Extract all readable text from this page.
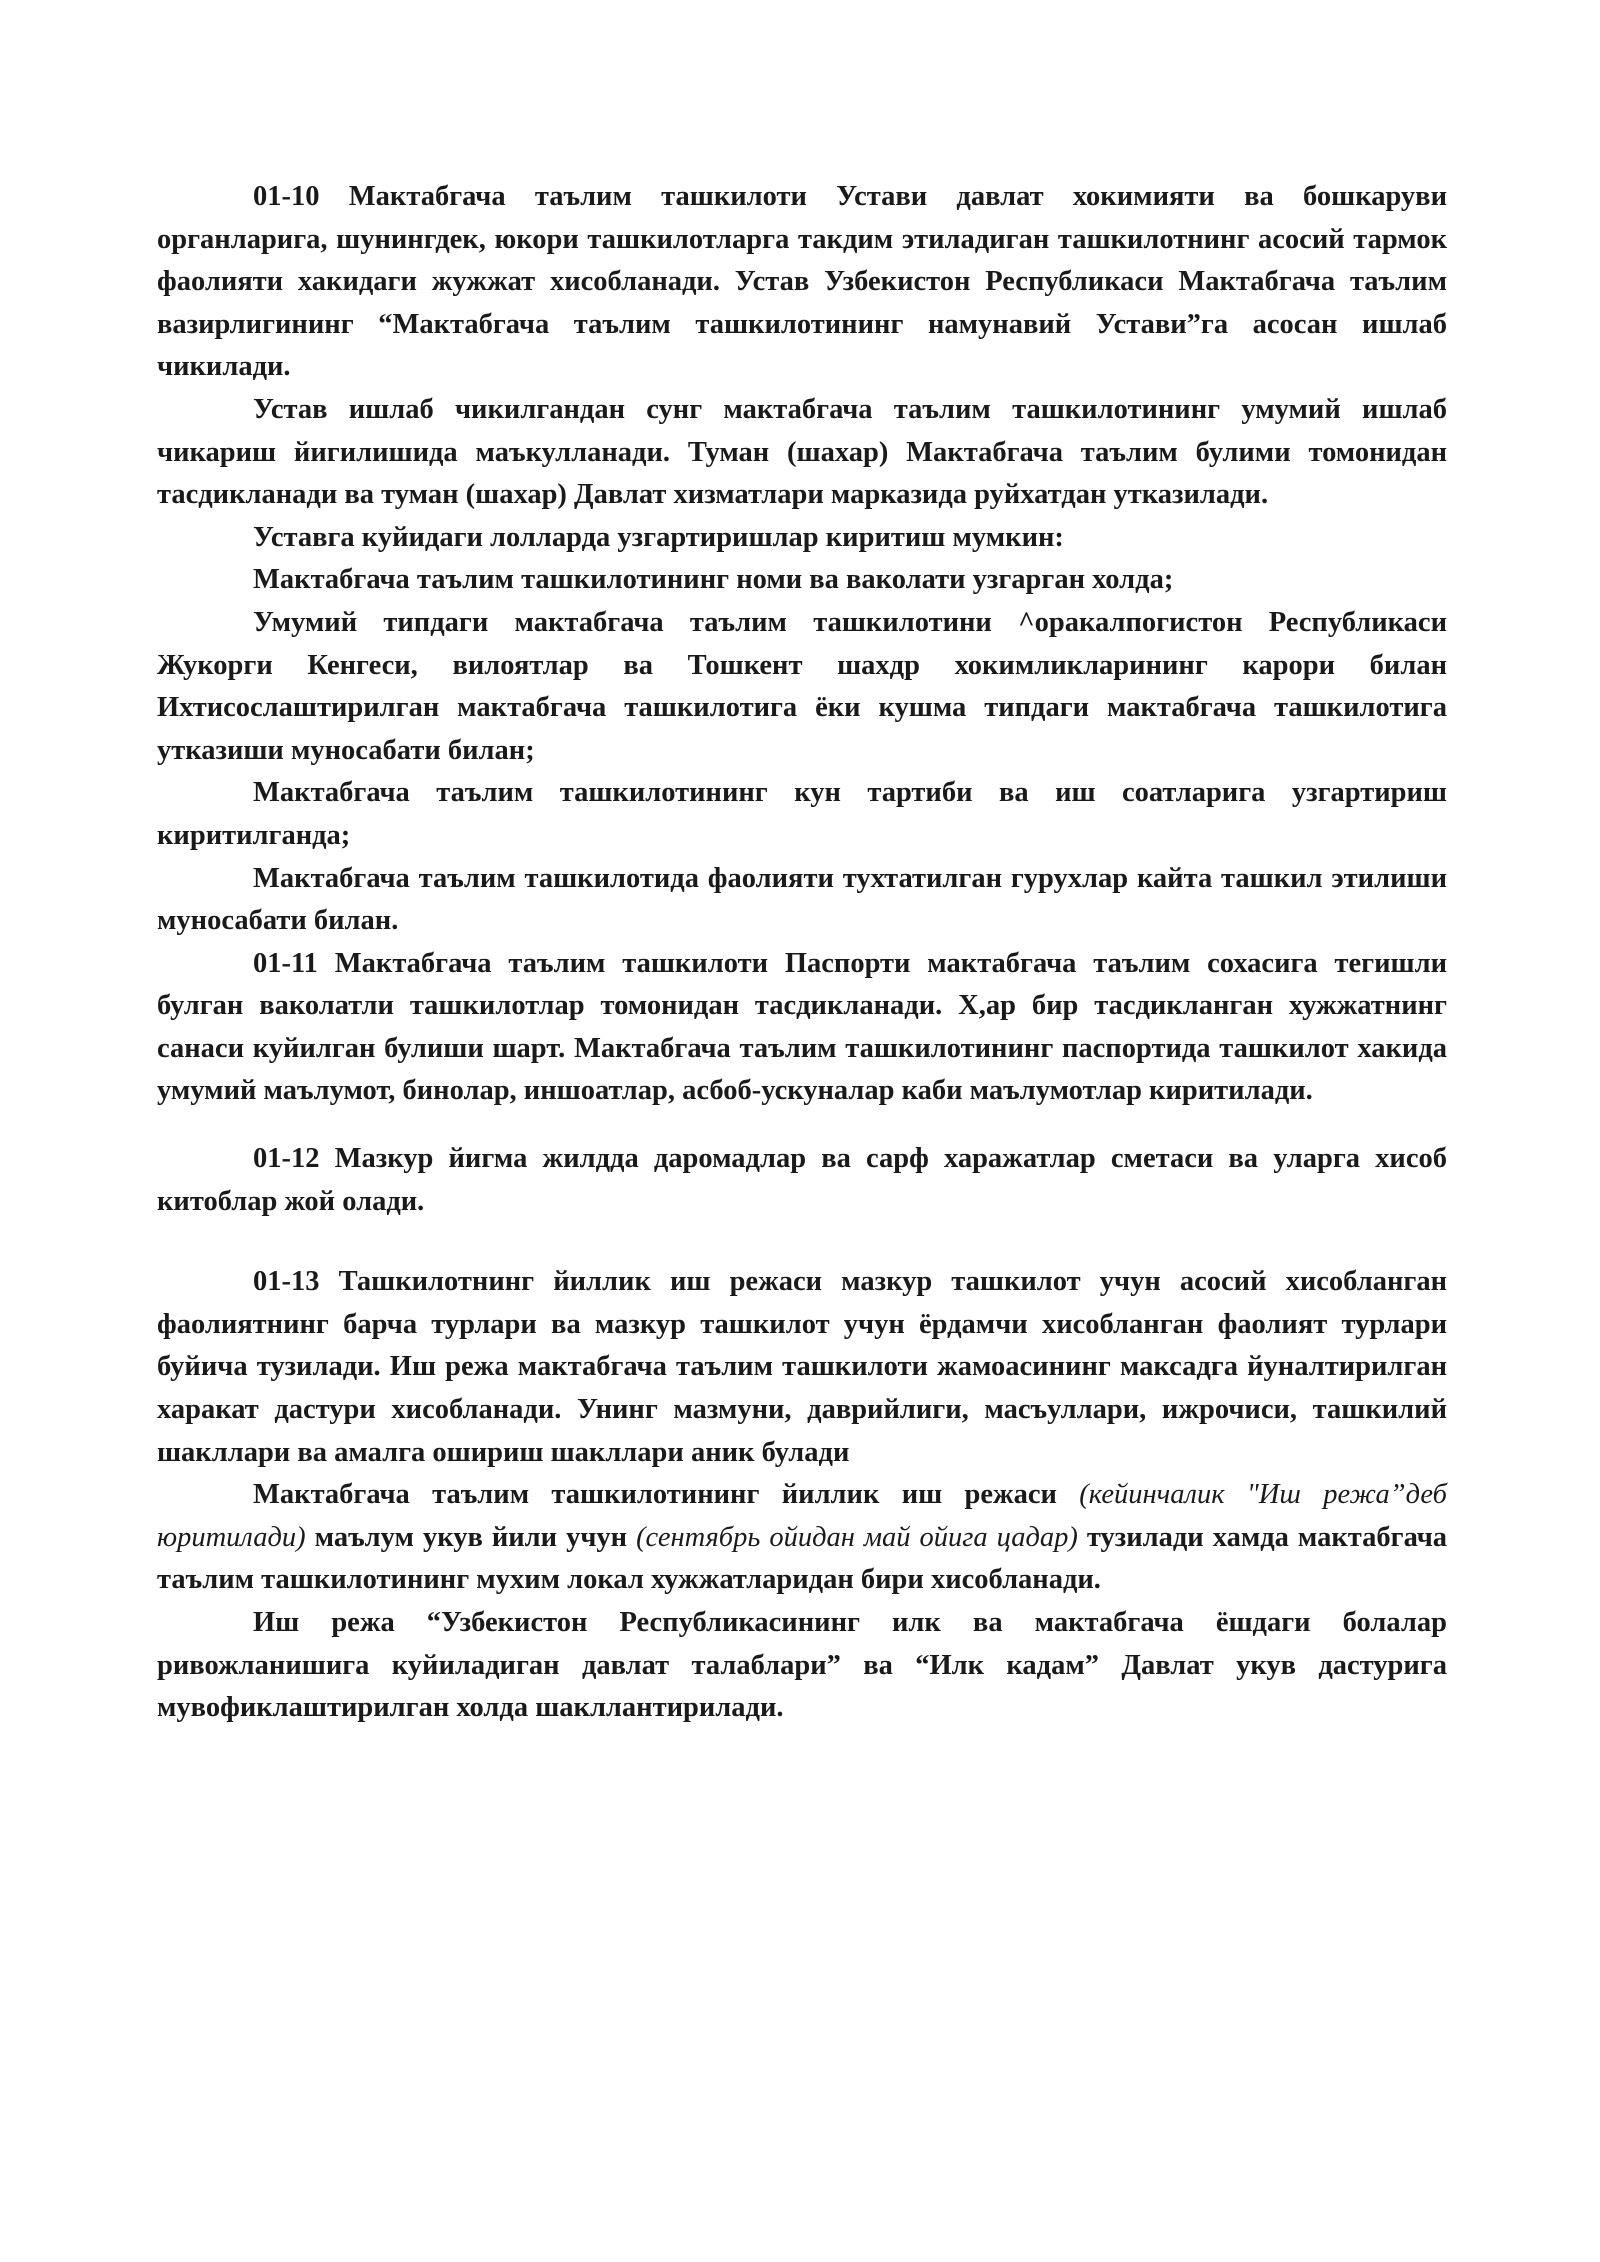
01-10 Мактабгача таълим ташкилоти Устави давлат хокимияти ва бошкаруви органларига, шунингдек, юкори ташкилотларга такдим этиладиган ташкилотнинг асосий тармок фаолияти хакидаги жужжат хисобланади. Устав Узбекистон Республикаси Мактабгача таълим вазирлигининг “Мактабгача таълим ташкилотининг намунавий Устави”га асосан ишлаб чикилади.

Устав ишлаб чикилгандан сунг мактабгача таълим ташкилотининг умумий ишлаб чикариш йигилишида маъкулланади. Туман (шахар) Мактабгача таълим булими томонидан тасдикланади ва туман (шахар) Давлат хизматлари марказида руйхатдан утказилади.

Уставга куйидаги лолларда узгартиришлар киритиш мумкин:

Мактабгача таълим ташкилотининг номи ва ваколати узгарган холда;

Умумий типдаги мактабгача таълим ташкилотини ^оракалпогистон Республикаси Жукорги Кенгеси, вилоятлар ва Тошкент шахдр хокимликларининг карори билан Ихтисослаштирилган мактабгача ташкилотига ёки кушма типдаги мактабгача ташкилотига утказиши муносабати билан;

Мактабгача таълим ташкилотининг кун тартиби ва иш соатларига узгартириш киритилганда;

Мактабгача таълим ташкилотида фаолияти тухтатилган гурухлар кайта ташкил этилиши муносабати билан.

01-11 Мактабгача таълим ташкилоти Паспорти мактабгача таълим сохасига тегишли булган ваколатли ташкилотлар томонидан тасдикланади. Х,ар бир тасдикланган хужжатнинг санаси куйилган булиши шарт. Мактабгача таълим ташкилотининг паспортида ташкилот хакида умумий маълумот, бинолар, иншоатлар, асбоб-ускуналар каби маълумотлар киритилади.

01-12 Мазкур йигма жилдда даромадлар ва сарф харажатлар сметаси ва уларга хисоб китоблар жой олади.

01-13 Ташкилотнинг йиллик иш режаси мазкур ташкилот учун асосий хисобланган фаолиятнинг барча турлари ва мазкур ташкилот учун ёрдамчи хисобланган фаолият турлари буйича тузилади. Иш режа мактабгача таълим ташкилоти жамоасининг максадга йуналтирилган харакат дастури хисобланади. Унинг мазмуни, даврийлиги, масъуллари, ижрочиси, ташкилий шакллари ва амалга ошириш шакллари аник булади

Мактабгача таълим ташкилотининг йиллик иш режаси (кейинчалик "Иш режа”деб юритилади) маълум укув йили учун (сентябрь ойидан май ойига цадар) тузилади хамда мактабгача таълим ташкилотининг мухим локал хужжатларидан бири хисобланади.

Иш режа “Узбекистон Республикасининг илк ва мактабгача ёшдаги болалар ривожланишига куйиладиган давлат талаблари” ва “Илк кадам” Давлат укув дастурига мувофиклаштирилган холда шакллантирилади.
